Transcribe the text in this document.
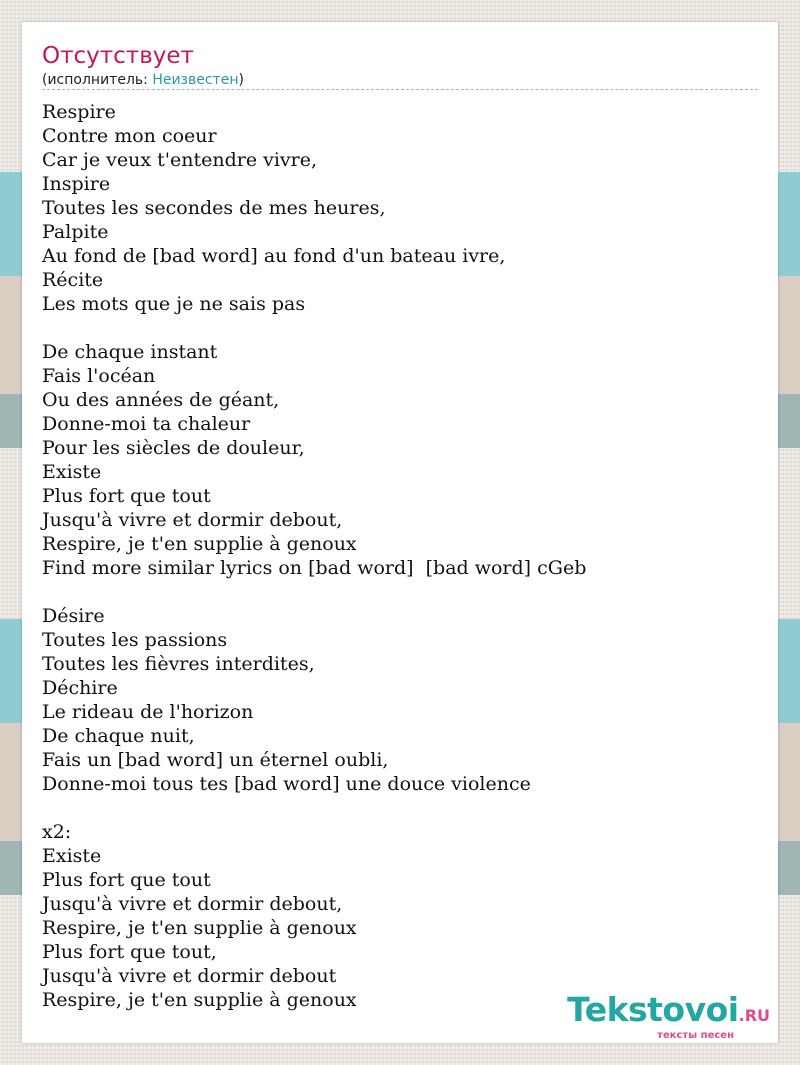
Отсутствует
(исполнитель: Неизвестен)
Respire
Contre mon coeur
Car je veux t'entendre vivre,
Inspire
Toutes les secondes de mes heures,
Palpite
Au fond de [bad word] au fond d'un bateau ivre,
Récite
Les mots que je ne sais pas
De chaque instant
Fais l'océan
Ou des années de géant,
Donne-moi ta chaleur
Pour les siècles de douleur,
Existe
Plus fort que tout
Jusqu'à vivre et dormir debout,
Respire, je t'en supplie à genoux
Find more similar lyrics on [bad word]  [bad word] cGeb
Désire
Toutes les passions
Toutes les fièvres interdites,
Déchire
Le rideau de l'horizon
De chaque nuit,
Fais un [bad word] un éternel oubli,
Donne-moi tous tes [bad word] une douce violence
x2:
Existe
Plus fort que tout
Jusqu'à vivre et dormir debout,
Respire, je t'en supplie à genoux
Plus fort que tout,
Jusqu'à vivre et dormir debout
Respire, je t'en supplie à genoux	Tekstovoi.RU
тексты песен
